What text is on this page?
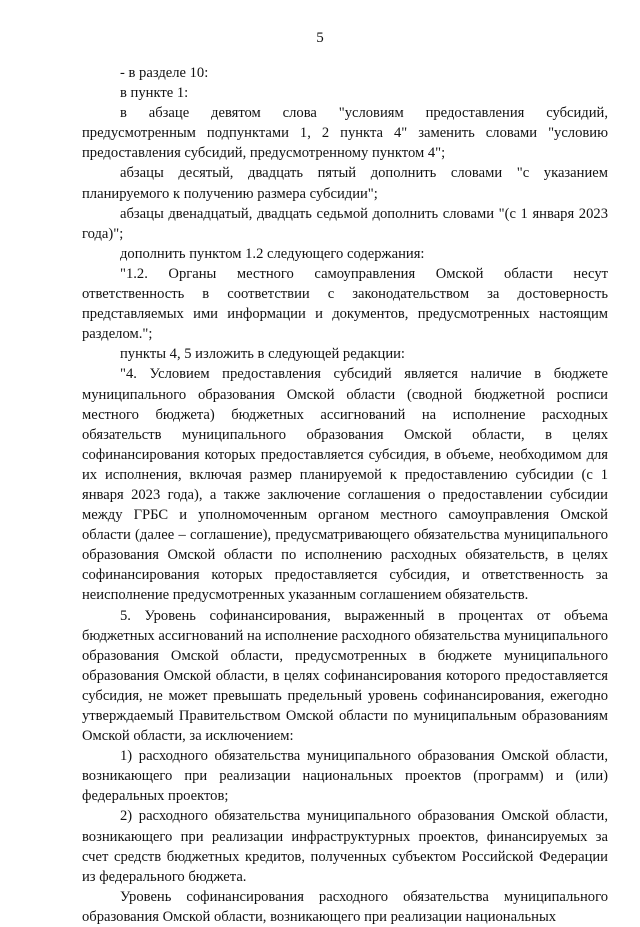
5

- в разделе 10:

в пункте 1:

в абзаце девятом слова "условиям предоставления субсидий, предусмотренным подпунктами 1, 2 пункта 4" заменить словами "условию предоставления субсидий, предусмотренному пунктом 4";

абзацы десятый, двадцать пятый дополнить словами "с указанием планируемого к получению размера субсидии";

абзацы двенадцатый, двадцать седьмой дополнить словами "(с 1 января 2023 года)";

дополнить пунктом 1.2 следующего содержания:

"1.2. Органы местного самоуправления Омской области несут ответственность в соответствии с законодательством за достоверность представляемых ими информации и документов, предусмотренных настоящим разделом.";

пункты 4, 5 изложить в следующей редакции:

"4. Условием предоставления субсидий является наличие в бюджете муниципального образования Омской области (сводной бюджетной росписи местного бюджета) бюджетных ассигнований на исполнение расходных обязательств муниципального образования Омской области, в целях софинансирования которых предоставляется субсидия, в объеме, необходимом для их исполнения, включая размер планируемой к предоставлению субсидии (с 1 января 2023 года), а также заключение соглашения о предоставлении субсидии между ГРБС и уполномоченным органом местного самоуправления Омской области (далее – соглашение), предусматривающего обязательства муниципального образования Омской области по исполнению расходных обязательств, в целях софинансирования которых предоставляется субсидия, и ответственность за неисполнение предусмотренных указанным соглашением обязательств.

5. Уровень софинансирования, выраженный в процентах от объема бюджетных ассигнований на исполнение расходного обязательства муниципального образования Омской области, предусмотренных в бюджете муниципального образования Омской области, в целях софинансирования которого предоставляется субсидия, не может превышать предельный уровень софинансирования, ежегодно утверждаемый Правительством Омской области по муниципальным образованиям Омской области, за исключением:

1) расходного обязательства муниципального образования Омской области, возникающего при реализации национальных проектов (программ) и (или) федеральных проектов;

2) расходного обязательства муниципального образования Омской области, возникающего при реализации инфраструктурных проектов, финансируемых за счет средств бюджетных кредитов, полученных субъектом Российской Федерации из федерального бюджета.

Уровень софинансирования расходного обязательства муниципального образования Омской области, возникающего при реализации национальных
